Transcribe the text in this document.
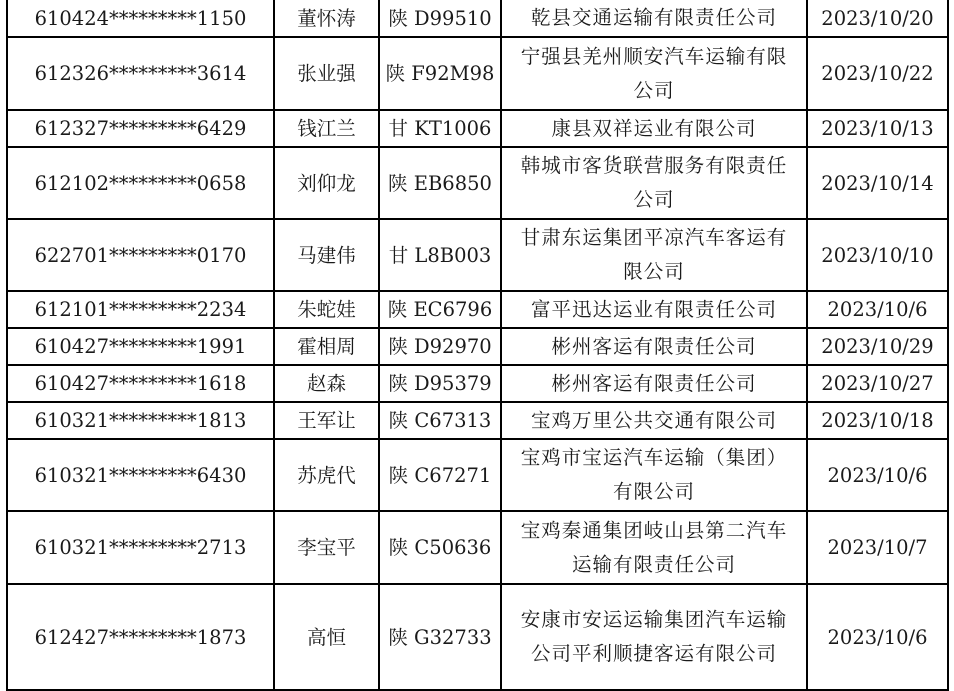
610424*********1150	董怀涛	陕 D99510	乾县交通运输有限责任公司	2023/10/20
612326*********3614	张业强	陕 F92M98	宁强县羌州顺安汽车运输有限公司	2023/10/22
612327*********6429	钱江兰	甘 KT1006	康县双祥运业有限公司	2023/10/13
612102*********0658	刘仰龙	陕 EB6850	韩城市客货联营服务有限责任公司	2023/10/14
622701*********0170	马建伟	甘 L8B003	甘肃东运集团平凉汽车客运有限公司	2023/10/10
612101*********2234	朱蛇娃	陕 EC6796	富平迅达运业有限责任公司	2023/10/6
610427*********1991	霍相周	陕 D92970	彬州客运有限责任公司	2023/10/29
610427*********1618	赵森	陕 D95379	彬州客运有限责任公司	2023/10/27
610321*********1813	王军让	陕 C67313	宝鸡万里公共交通有限公司	2023/10/18
610321*********6430	苏虎代	陕 C67271	宝鸡市宝运汽车运输（集团）有限公司	2023/10/6
610321*********2713	李宝平	陕 C50636	宝鸡秦通集团岐山县第二汽车运输有限责任公司	2023/10/7
612427*********1873	高恒	陕 G32733	安康市安运运输集团汽车运输公司平利顺捷客运有限公司	2023/10/6
